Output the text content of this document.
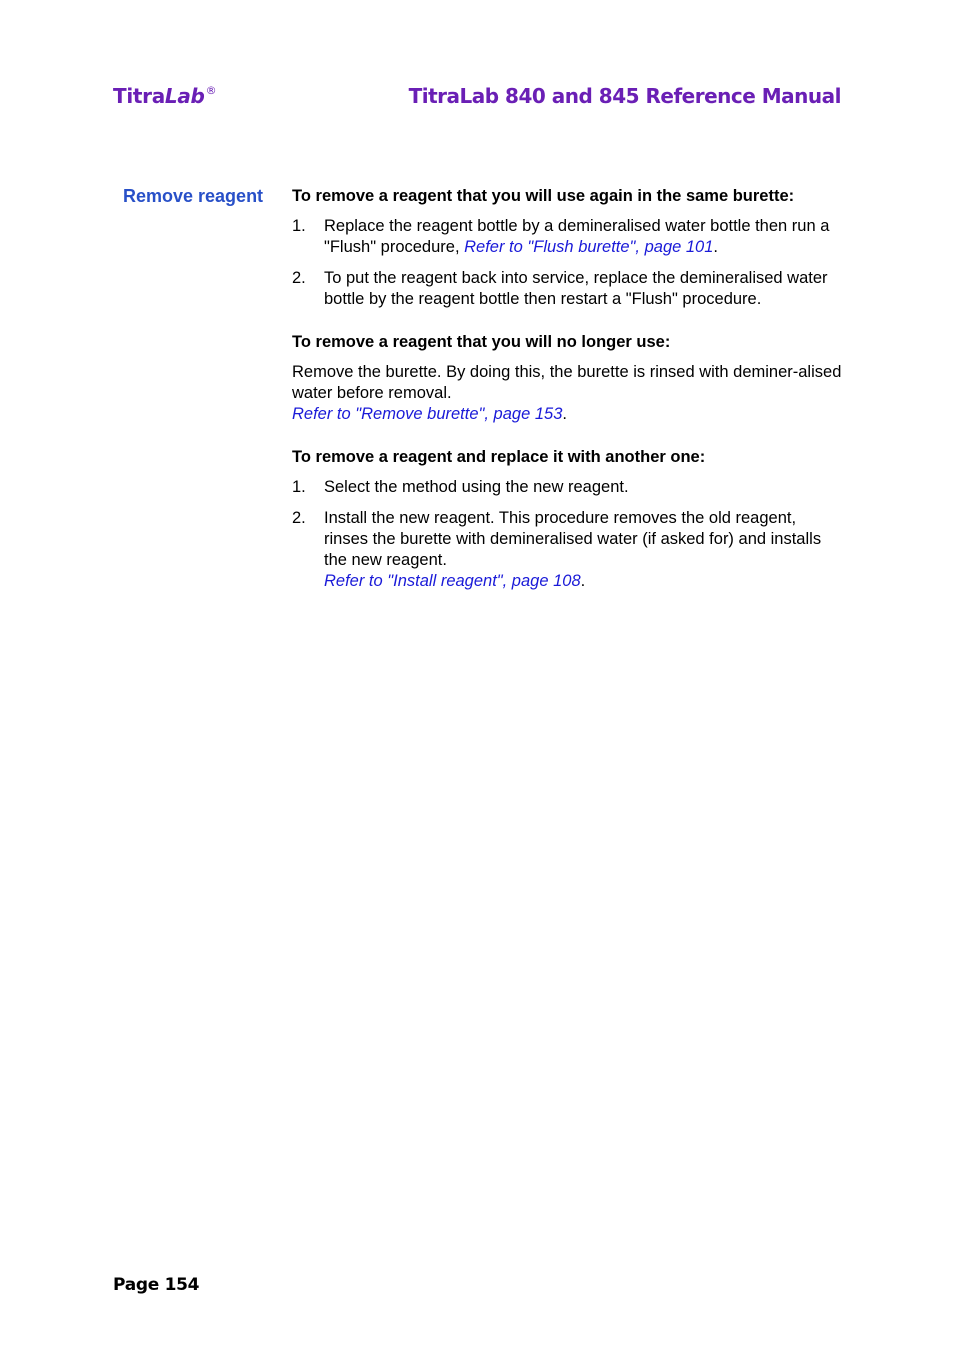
TitraLab®	TitraLab 840 and 845 Reference Manual
Remove reagent To remove a reagent that you will use again in the same burette:
1. Replace the reagent bottle by a demineralised water bottle then run a "Flush" procedure, Refer to "Flush burette", page 101.
2. To put the reagent back into service, replace the demineralised water bottle by the reagent bottle then restart a "Flush" procedure.
To remove a reagent that you will no longer use:

Remove the burette. By doing this, the burette is rinsed with deminer-alised water before removal.
Refer to "Remove burette", page 153.

To remove a reagent and replace it with another one:
1. Select the method using the new reagent.
2. Install the new reagent. This procedure removes the old reagent, rinses the burette with demineralised water (if asked for) and installs the new reagent.
Refer to "Install reagent", page 108.
Page 154
